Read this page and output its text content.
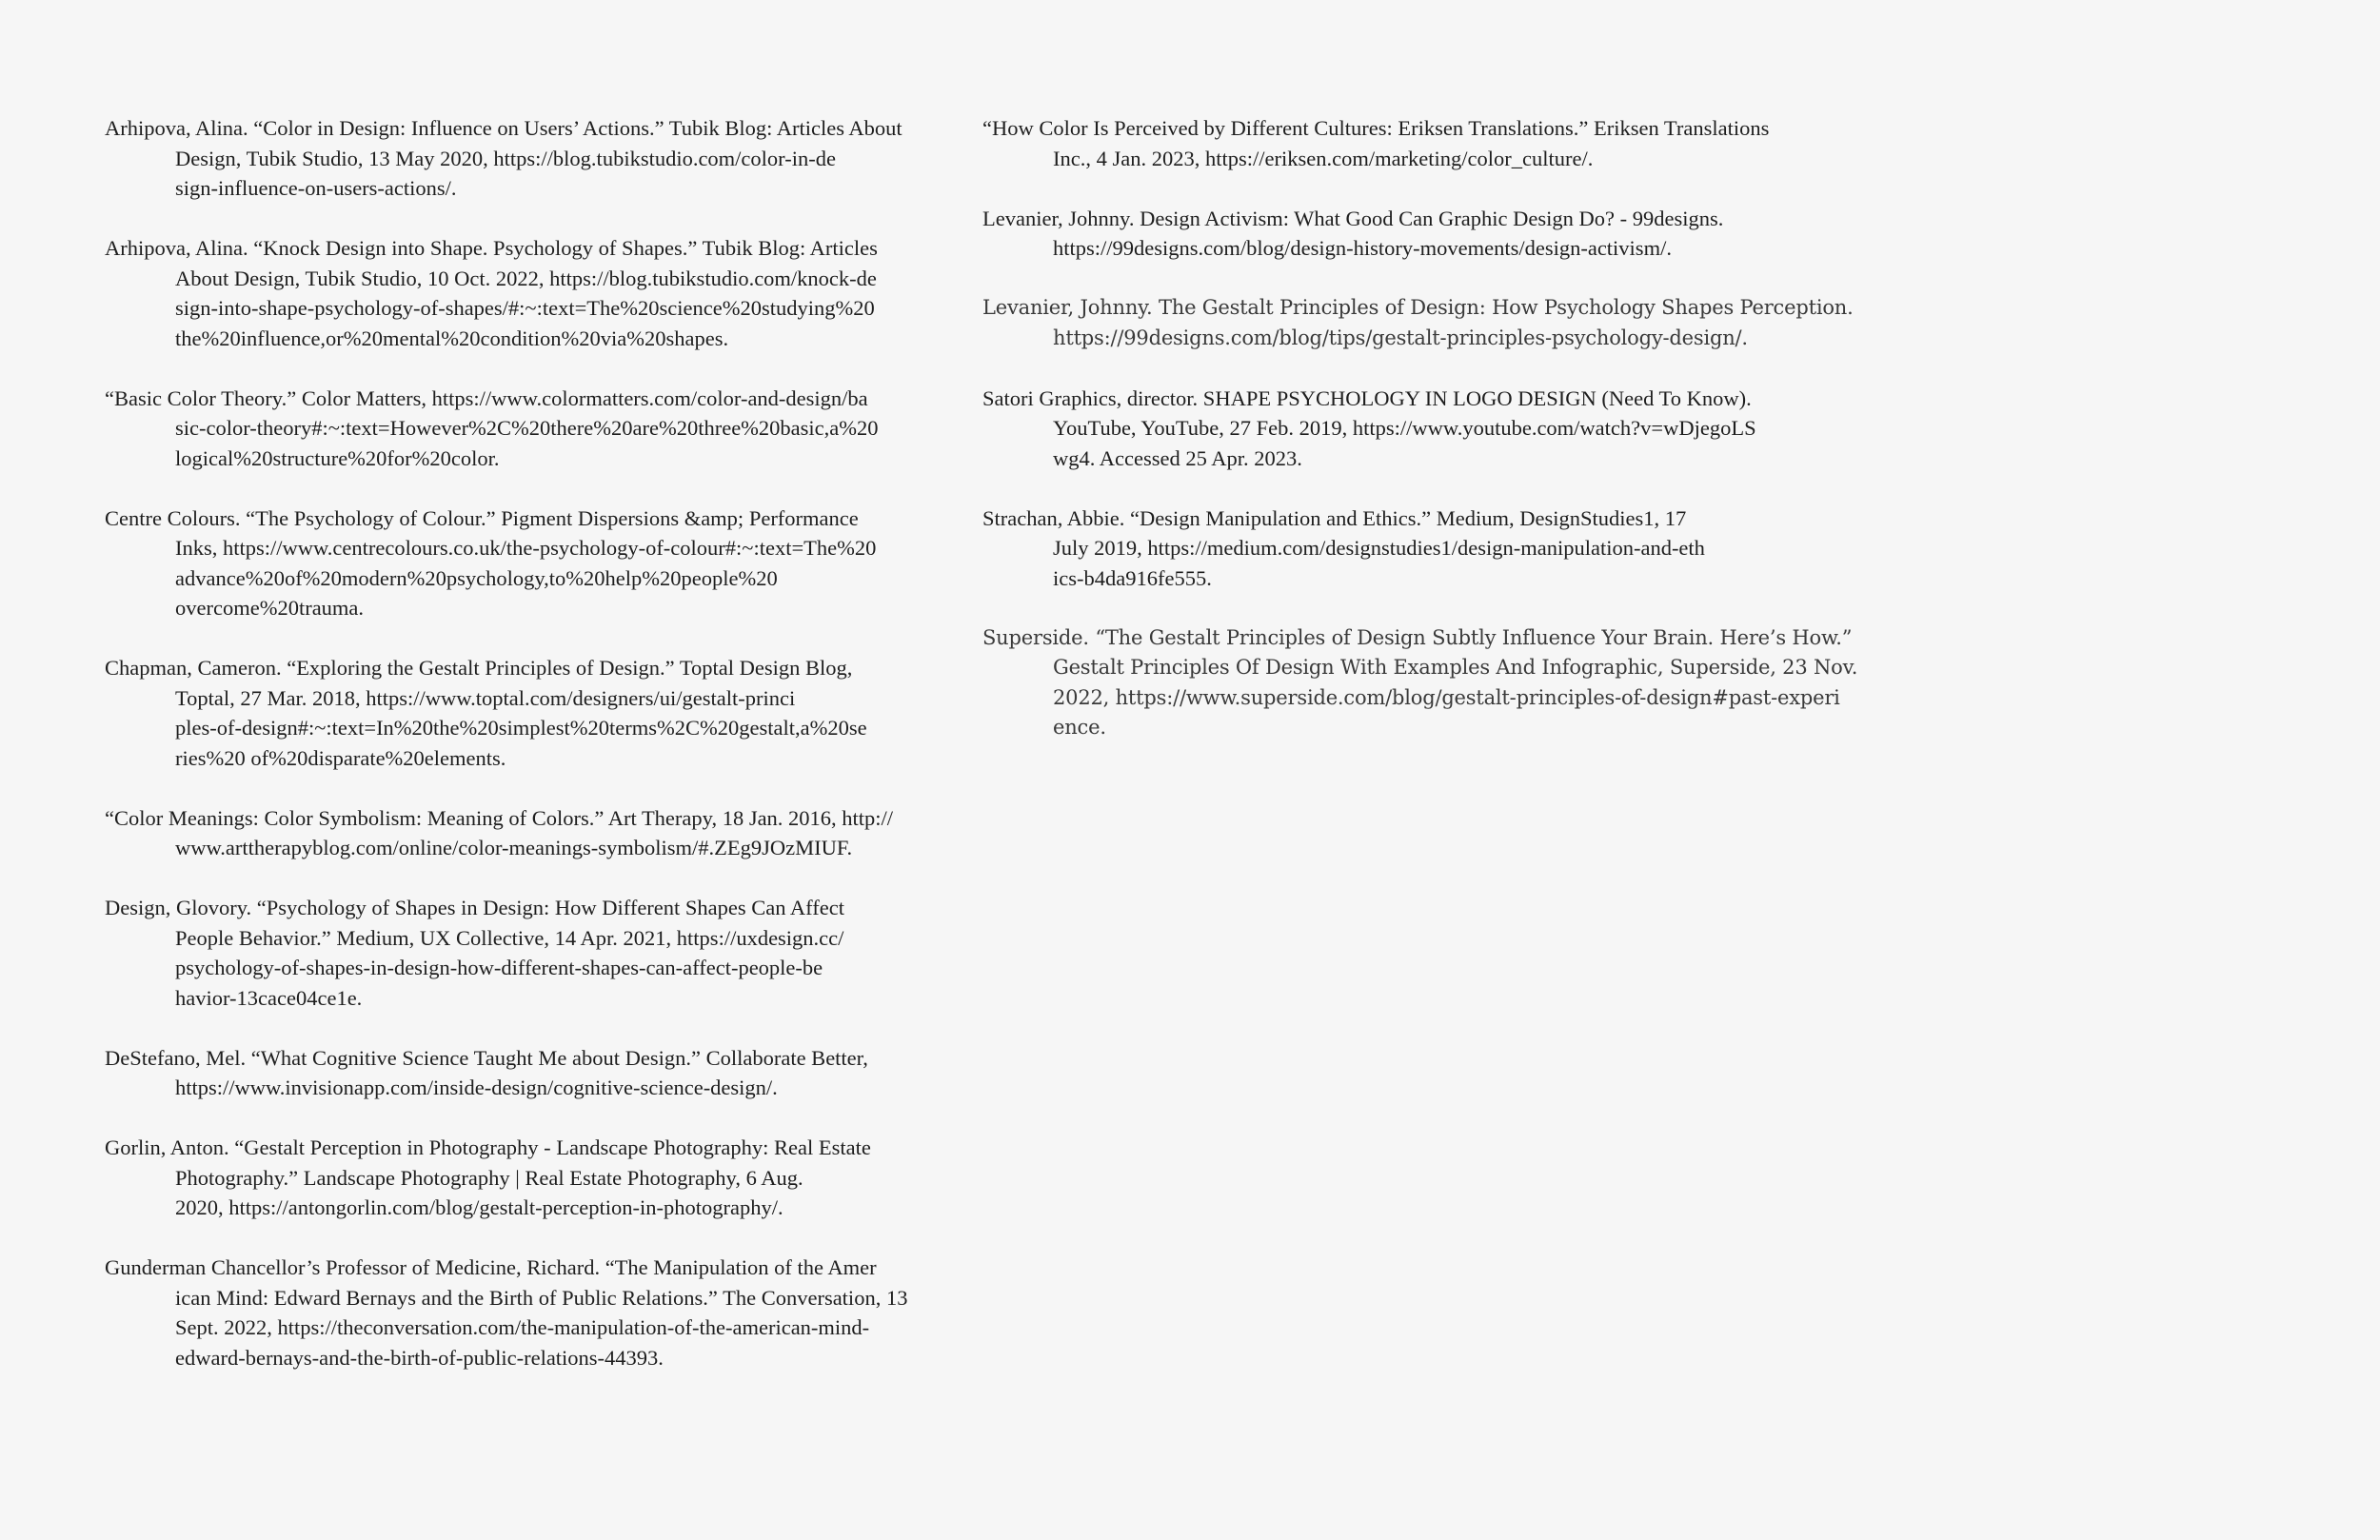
Arhipova, Alina. “Color in Design: Influence on Users’ Actions.” Tubik Blog: Articles About
Design, Tubik Studio, 13 May 2020, https://blog.tubikstudio.com/color-in-de
sign-influence-on-users-actions/.
Arhipova, Alina. “Knock Design into Shape. Psychology of Shapes.” Tubik Blog: Articles
About Design, Tubik Studio, 10 Oct. 2022, https://blog.tubikstudio.com/knock-de
sign-into-shape-psychology-of-shapes/#:~:text=The%20science%20studying%20
the%20influence,or%20mental%20condition%20via%20shapes.
“Basic Color Theory.” Color Matters, https://www.colormatters.com/color-and-design/ba
sic-color-theory#:~:text=However%2C%20there%20are%20three%20basic,a%20
logical%20structure%20for%20color.
Centre Colours. “The Psychology of Colour.” Pigment Dispersions &amp; Performance
Inks, https://www.centrecolours.co.uk/the-psychology-of-colour#:~:text=The%20
advance%20of%20modern%20psychology,to%20help%20people%20
overcome%20trauma.
Chapman, Cameron. “Exploring the Gestalt Principles of Design.” Toptal Design Blog,
Toptal, 27 Mar. 2018, https://www.toptal.com/designers/ui/gestalt-princi
ples-of-design#:~:text=In%20the%20simplest%20terms%2C%20gestalt,a%20se
ries%20 of%20disparate%20elements.
“Color Meanings: Color Symbolism: Meaning of Colors.” Art Therapy, 18 Jan. 2016, http://
www.arttherapyblog.com/online/color-meanings-symbolism/#.ZEg9JOzMIUF.
Design, Glovory. “Psychology of Shapes in Design: How Different Shapes Can Affect
People Behavior.” Medium, UX Collective, 14 Apr. 2021, https://uxdesign.cc/
psychology-of-shapes-in-design-how-different-shapes-can-affect-people-be
havior-13cace04ce1e.
DeStefano, Mel. “What Cognitive Science Taught Me about Design.” Collaborate Better,
https://www.invisionapp.com/inside-design/cognitive-science-design/.
Gorlin, Anton. “Gestalt Perception in Photography - Landscape Photography: Real Estate
Photography.” Landscape Photography | Real Estate Photography, 6 Aug.
2020, https://antongorlin.com/blog/gestalt-perception-in-photography/.
Gunderman Chancellor’s Professor of Medicine, Richard. “The Manipulation of the Amer
ican Mind: Edward Bernays and the Birth of Public Relations.” The Conversation, 13
Sept. 2022, https://theconversation.com/the-manipulation-of-the-american-mind-
edward-bernays-and-the-birth-of-public-relations-44393.
“How Color Is Perceived by Different Cultures: Eriksen Translations.” Eriksen Translations
Inc., 4 Jan. 2023, https://eriksen.com/marketing/color_culture/.
Levanier, Johnny. Design Activism: What Good Can Graphic Design Do? - 99designs.
https://99designs.com/blog/design-history-movements/design-activism/.
Levanier, Johnny. The Gestalt Principles of Design: How Psychology Shapes Perception.
https://99designs.com/blog/tips/gestalt-principles-psychology-design/.
Satori Graphics, director. SHAPE PSYCHOLOGY IN LOGO DESIGN (Need To Know).
YouTube, YouTube, 27 Feb. 2019, https://www.youtube.com/watch?v=wDjegoLS
wg4. Accessed 25 Apr. 2023.
Strachan, Abbie. “Design Manipulation and Ethics.” Medium, DesignStudies1, 17
July 2019, https://medium.com/designstudies1/design-manipulation-and-eth
ics-b4da916fe555.
Superside. “The Gestalt Principles of Design Subtly Influence Your Brain. Here’s How.”
Gestalt Principles Of Design With Examples And Infographic, Superside, 23 Nov.
2022, https://www.superside.com/blog/gestalt-principles-of-design#past-experi
ence.
